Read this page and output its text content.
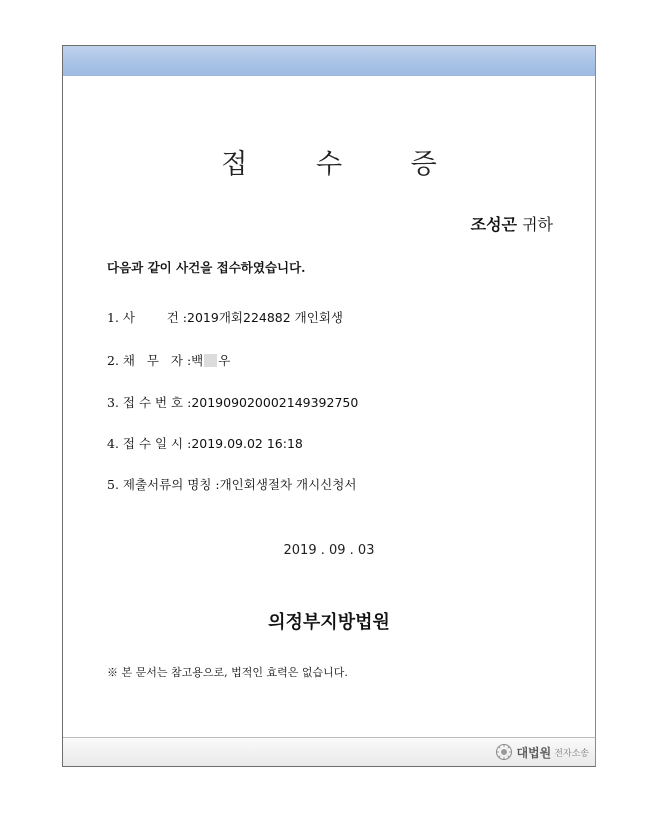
접 수 증
조성곤 귀하
다음과 같이 사건을 접수하였습니다.
1. 사        건 :2019개회224882 개인회생
2. 채   무   자 :백 우
3. 접 수 번 호 :20190902000214939275​0
4. 접 수 일 시 :2019.09.02 16:18
5. 제출서류의 명칭 :개인회생절차 개시신청서
2019 . 09 . 03
의정부지방법원
※ 본 문서는 참고용으로, 법적인 효력은 없습니다.
대법원 전자소송
